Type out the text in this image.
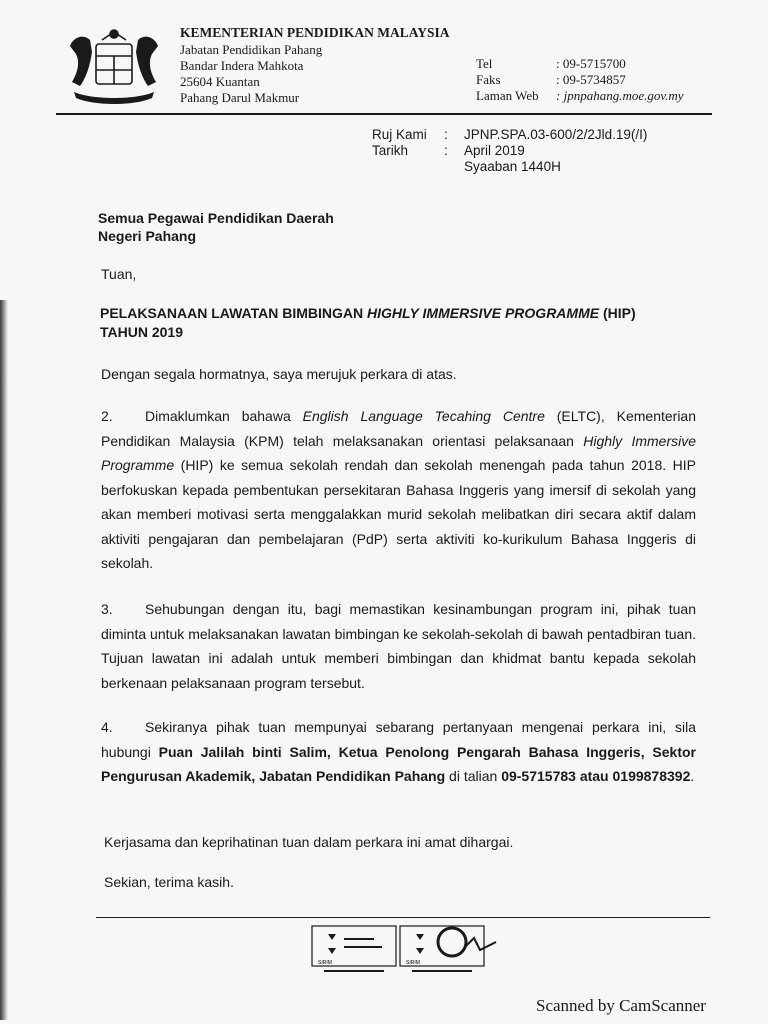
KEMENTERIAN PENDIDIKAN MALAYSIA
Jabatan Pendidikan Pahang
Bandar Indera Mahkota
25604 Kuantan
Pahang Darul Makmur
Tel	: 09-5715700
Faks	: 09-5734857
Laman Web	: jpnpahang.moe.gov.my
Ruj Kami	:	JPNP.SPA.03-600/2/2Jld.19(/I)
Tarikh	:	April 2019
Syaaban 1440H
Semua Pegawai Pendidikan Daerah
Negeri Pahang
Tuan,
PELAKSANAAN LAWATAN BIMBINGAN HIGHLY IMMERSIVE PROGRAMME (HIP)
TAHUN 2019
Dengan segala hormatnya, saya merujuk perkara di atas.
2. Dimaklumkan bahawa English Language Tecahing Centre (ELTC), Kementerian Pendidikan Malaysia (KPM) telah melaksanakan orientasi pelaksanaan Highly Immersive Programme (HIP) ke semua sekolah rendah dan sekolah menengah pada tahun 2018. HIP berfokuskan kepada pembentukan persekitaran Bahasa Inggeris yang imersif di sekolah yang akan memberi motivasi serta menggalakkan murid sekolah melibatkan diri secara aktif dalam aktiviti pengajaran dan pembelajaran (PdP) serta aktiviti ko-kurikulum Bahasa Inggeris di sekolah.
3. Sehubungan dengan itu, bagi memastikan kesinambungan program ini, pihak tuan diminta untuk melaksanakan lawatan bimbingan ke sekolah-sekolah di bawah pentadbiran tuan. Tujuan lawatan ini adalah untuk memberi bimbingan dan khidmat bantu kepada sekolah berkenaan pelaksanaan program tersebut.
4. Sekiranya pihak tuan mempunyai sebarang pertanyaan mengenai perkara ini, sila hubungi Puan Jalilah binti Salim, Ketua Penolong Pengarah Bahasa Inggeris, Sektor Pengurusan Akademik, Jabatan Pendidikan Pahang di talian 09-5715783 atau 0199878392.
Kerjasama dan keprihatinan tuan dalam perkara ini amat dihargai.
Sekian, terima kasih.
SIRIM	SIRIM
Scanned by CamScanner
